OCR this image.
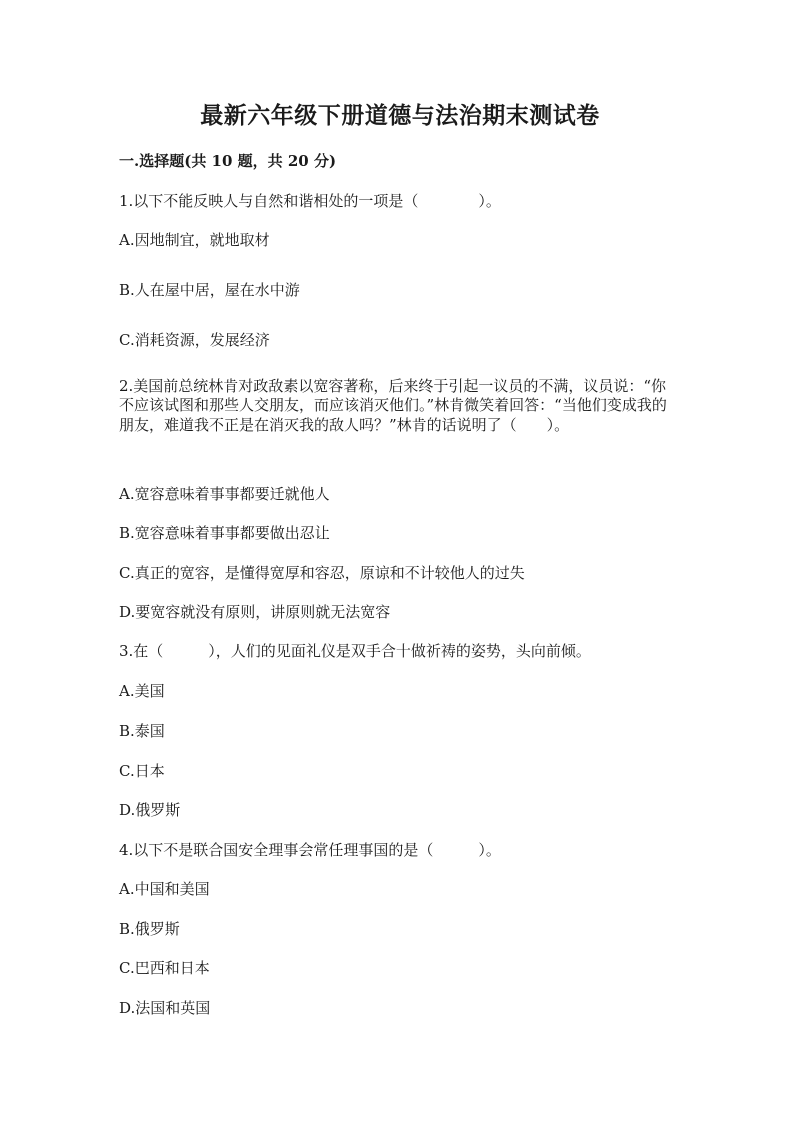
最新六年级下册道德与法治期末测试卷
一.选择题(共 10 题，共 20 分)
1.以下不能反映人与自然和谐相处的一项是（　　　　）。
A.因地制宜，就地取材
B.人在屋中居，屋在水中游
C.消耗资源，发展经济
2.美国前总统林肯对政敌素以宽容著称，后来终于引起一议员的不满，议员说：“你不应该试图和那些人交朋友，而应该消灭他们。”林肯微笑着回答：“当他们变成我的朋友，难道我不正是在消灭我的敌人吗？”林肯的话说明了（　　）。
A.宽容意味着事事都要迁就他人
B.宽容意味着事事都要做出忍让
C.真正的宽容，是懂得宽厚和容忍，原谅和不计较他人的过失
D.要宽容就没有原则，讲原则就无法宽容
3.在（　　　），人们的见面礼仪是双手合十做祈祷的姿势，头向前倾。
A.美国
B.泰国
C.日本
D.俄罗斯
4.以下不是联合国安全理事会常任理事国的是（　　　）。
A.中国和美国
B.俄罗斯
C.巴西和日本
D.法国和英国
